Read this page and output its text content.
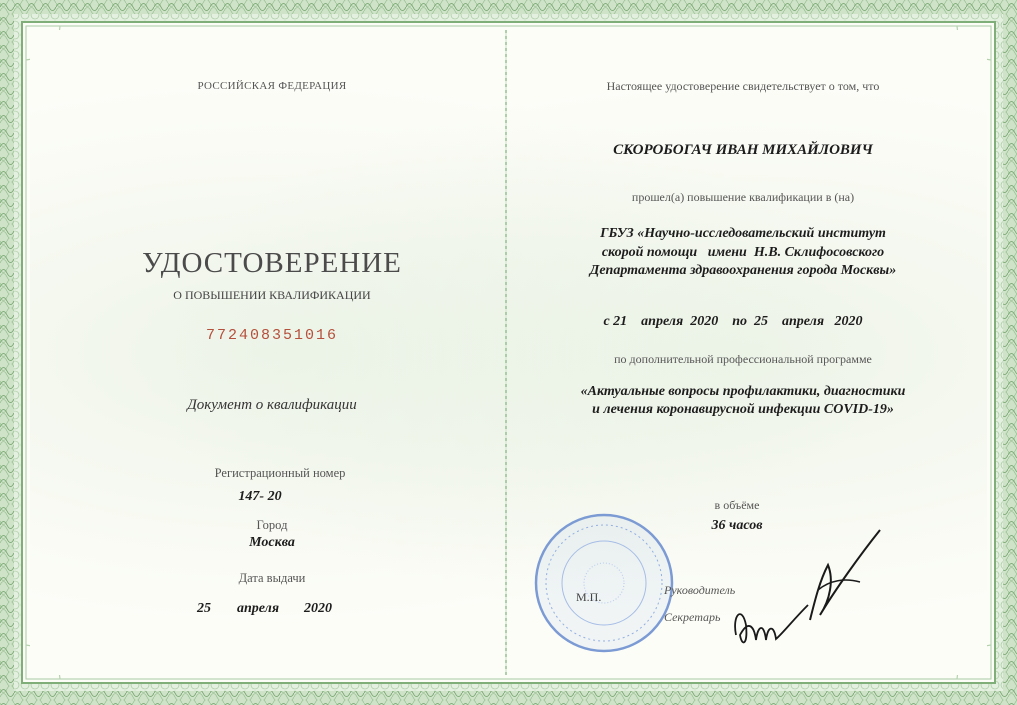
РОССИЙСКАЯ ФЕДЕРАЦИЯ
УДОСТОВЕРЕНИЕ
О ПОВЫШЕНИИ КВАЛИФИКАЦИИ
772408351016
Документ о квалификации
Регистрационный номер
147- 20
Город
Москва
Дата выдачи
25 апреля 2020
Настоящее удостоверение свидетельствует о том, что
СКОРОБОГАЧ ИВАН МИХАЙЛОВИЧ
прошел(а) повышение квалификации в (на)
ГБУЗ «Научно-исследовательский институт
скорой помощи   имени  Н.В. Склифосовского
Департамента здравоохранения города Москвы»
с 21    апреля  2020    по  25    апреля   2020
по дополнительной профессиональной программе
«Актуальные вопросы профилактики, диагностики
и лечения коронавирусной инфекции COVID-19»
в объёме
36 часов
М.П.	Руководитель
Секретарь
